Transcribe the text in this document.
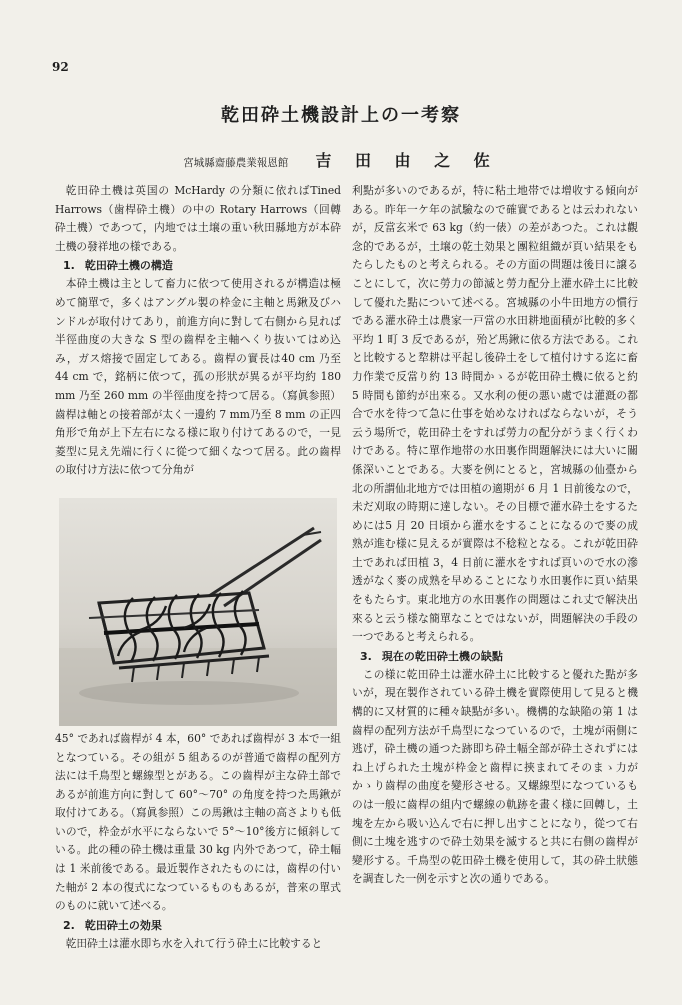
92
乾田砕土機設計上の一考察
宮城縣齋藤農業報恩館 吉 田 由 之 佐

乾田砕土機は英国の McHardy の分類に依ればTined Harrows（歯桿砕土機）の中の Rotary Harrows（回轉砕土機）であつて，内地では土壌の重い秋田縣地方が本砕土機の發祥地の様である。

1. 乾田砕土機の構造

本砕土機は主として畜力に依つて使用されるが構造は極めて簡單で，多くはアングル製の枠金に主軸と馬鍬及びハンドルが取付けてあり，前進方向に對して右側から見れば半徑曲度の大きな S 型の齒桿を主軸へくり抜いてはめ込み，ガス熔接で固定してある。齒桿の實長は40 cm 乃至 44 cm で，銘柄に依つて，孤の形狀が異るが平均約 180 mm 乃至 260 mm の半徑曲度を持つて居る。（寫眞参照）齒桿は軸との接着部が太く一邊約 7 mm乃至 8 mm の正四角形で角が上下左右になる様に取り付けてあるので，一見菱型に見え先端に行くに從つて細くなつて居る。此の齒桿の取付け方法に依つて分角が

45° であれば齒桿が 4 本，60° であれば齒桿が 3 本で一組となつている。その組が 5 組あるのが普通で齒桿の配列方法には千鳥型と螺線型とがある。この齒桿が主な砕土部であるが前進方向に對して 60°〜70° の角度を持つた馬鍬が取付けてある。（寫眞参照）この馬鍬は主軸の高さよりも低いので，枠金が水平にならないで 5°〜10°後方に傾斜している。此の種の砕土機は重量 30 kg 内外であつて，砕土幅は 1 米前後である。最近製作されたものには，齒桿の付いた軸が 2 本の復式になつているものもあるが，普來の單式のものに就いて述べる。

2. 乾田砕土の効果

乾田砕土は灌水即ち水を入れて行う砕土に比較すると

利點が多いのであるが，特に粘土地帯では增收する傾向がある。昨年一ケ年の試驗なので確實であるとは云われないが，反當玄米で 63 kg（約一俵）の差があつた。これは觀念的であるが，土壌の乾土効果と團粒組織が頁い結果をもたらしたものと考えられる。その方面の問題は後日に譲ることにして，次に勞力の節滅と勞力配分上灌水砕土に比較して優れた點について述べる。宮城縣の小牛田地方の慣行である灌水砕土は農家一戸當の水田耕地面積が比較的多く平均 1 町 3 反であるが，殆ど馬鍬に依る方法である。これと比較すると犂耕は平起し後砕土をして植付けする迄に畜力作業で反當り約 13 時間かゝるが乾田砕土機に依ると約 5 時間も節約が出來る。又水利の便の悪い處では灌漑の都合で水を待つて急に仕事を始めなければならないが，そう云う場所で，乾田砕土をすれば勞力の配分がうまく行くわけである。特に單作地帯の水田裏作問題解決には大いに關係深いことである。大麥を例にとると，宮城縣の仙臺から北の所謂仙北地方では田植の適期が 6 月 1 日前後なので，未だ刈取の時期に達しない。その目標で灌水砕土をするためには5 月 20 日頃から灌水をすることになるので麥の成熟が進む様に見えるが實際は不稔粒となる。これが乾田砕土であれば田植 3，4 日前に灌水をすれば頁いので水の滲透がなく麥の成熟を早めることになり水田裏作に頁い結果をもたらす。東北地方の水田裏作の問題はこれ丈で解決出來ると云う様な簡單なことではないが，問題解決の手段の一つであると考えられる。

3. 現在の乾田砕土機の缺點

この様に乾田砕土は灌水砕土に比較すると優れた點が多いが，現在製作されている砕土機を實際使用して見ると機構的に又材質的に種々缺點が多い。機構的な缺陥の第 1 は齒桿の配列方法が千鳥型になつているので，土塊が兩側に逃げ，砕土機の通つた跡即ち砕土幅全部が砕土されずにはね上げられた土塊が枠金と齒桿に挾まれてそのまゝ力がかゝり齒桿の曲度を變形させる。又螺線型になつているものは一般に齒桿の組内で螺線の軌跡を畫く様に回轉し，土塊を左から吸い込んで右に押し出すことになり，從つて右側に土塊を逃すので砕土効果を滅すると共に右側の齒桿が變形する。千鳥型の乾田砕土機を使用して，其の砕土狀態を調査した一例を示すと次の通りである。
